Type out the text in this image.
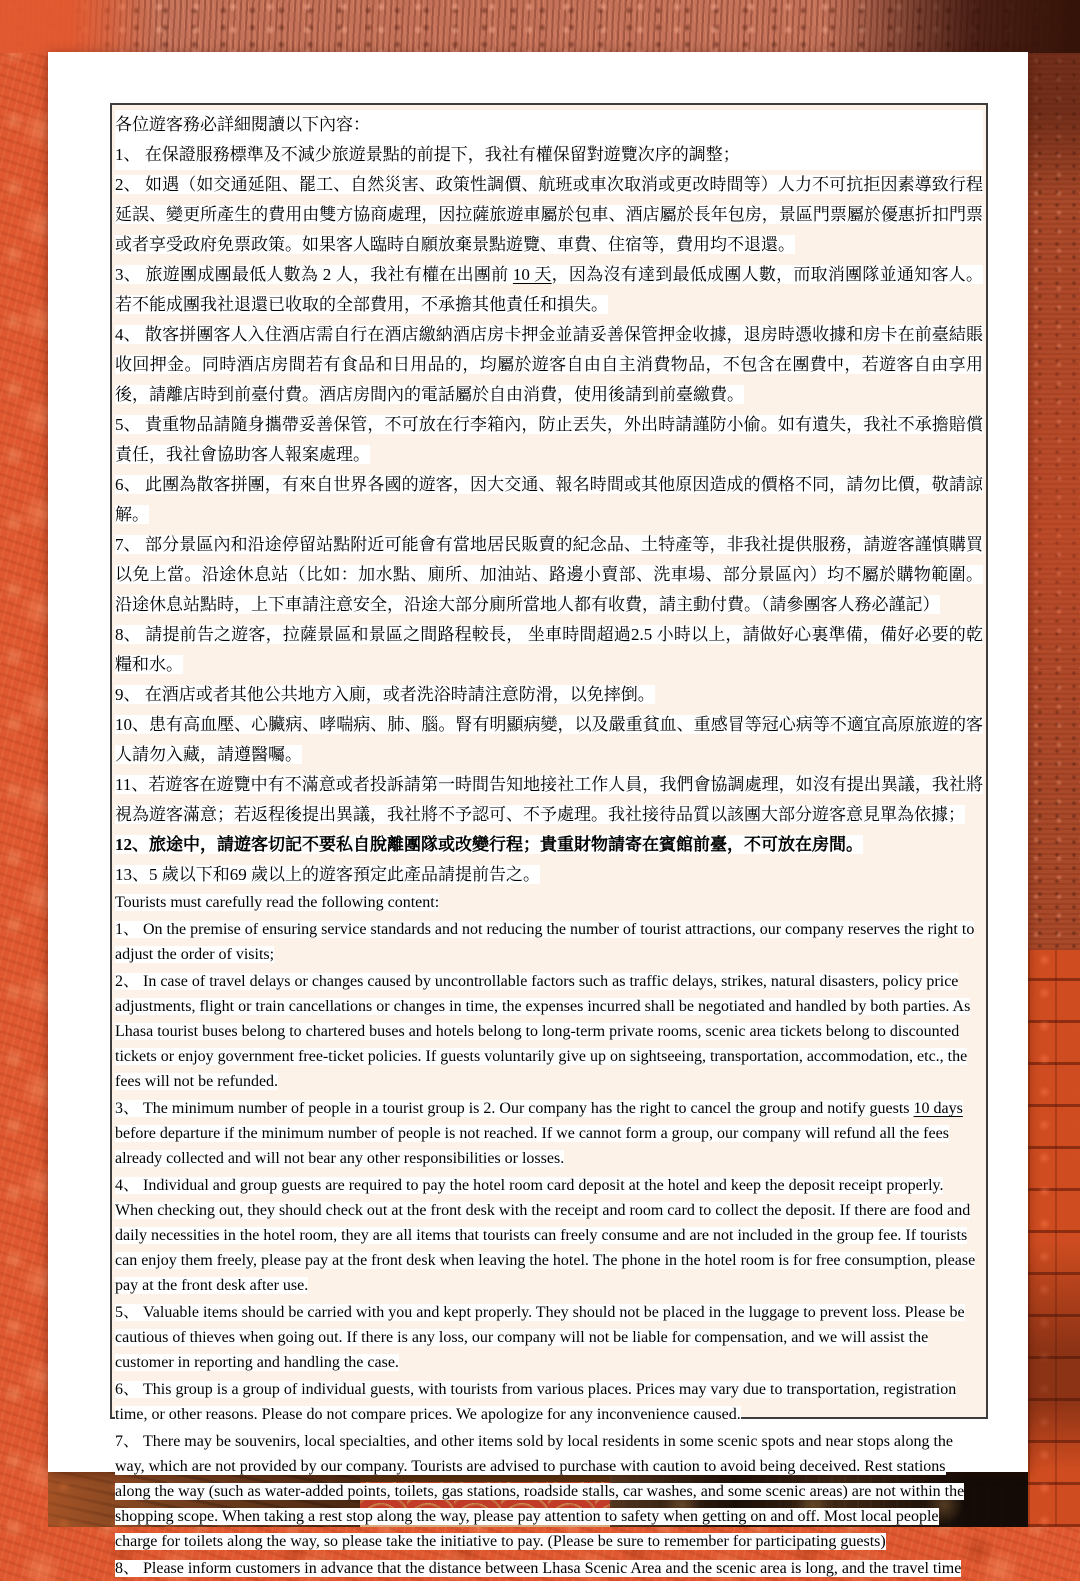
各位遊客務必詳細閱讀以下內容：

1、 在保證服務標準及不減少旅遊景點的前提下，我社有權保留對遊覽次序的調整；

2、 如遇（如交通延阻、罷工、自然災害、政策性調價、航班或車次取消或更改時間等）人力不可抗拒因素導致行程延誤、變更所產生的費用由雙方協商處理，因拉薩旅遊車屬於包車、酒店屬於長年包房，景區門票屬於優惠折扣門票或者享受政府免票政策。如果客人臨時自願放棄景點遊覽、車費、住宿等，費用均不退還。

3、 旅遊團成團最低人數為 2 人，我社有權在出團前 10 天，因為沒有達到最低成團人數，而取消團隊並通知客人。若不能成團我社退還已收取的全部費用，不承擔其他責任和損失。

4、 散客拼團客人入住酒店需自行在酒店繳納酒店房卡押金並請妥善保管押金收據，退房時憑收據和房卡在前臺結賬收回押金。同時酒店房間若有食品和日用品的，均屬於遊客自由自主消費物品，不包含在團費中，若遊客自由享用後，請離店時到前臺付費。酒店房間內的電話屬於自由消費，使用後請到前臺繳費。

5、 貴重物品請隨身攜帶妥善保管，不可放在行李箱內，防止丟失，外出時請謹防小偷。如有遺失，我社不承擔賠償責任，我社會協助客人報案處理。

6、 此團為散客拼團，有來自世界各國的遊客，因大交通、報名時間或其他原因造成的價格不同，請勿比價，敬請諒解。

7、 部分景區內和沿途停留站點附近可能會有當地居民販賣的紀念品、土特產等，非我社提供服務，請遊客謹慎購買以免上當。沿途休息站（比如：加水點、廁所、加油站、路邊小賣部、洗車場、部分景區內）均不屬於購物範圍。 沿途休息站點時，上下車請注意安全，沿途大部分廁所當地人都有收費，請主動付費。（請參團客人務必謹記）

8、 請提前告之遊客，拉薩景區和景區之間路程較長， 坐車時間超過2.5 小時以上，請做好心裏準備，備好必要的乾糧和水。

9、 在酒店或者其他公共地方入廁，或者洗浴時請注意防滑，以免摔倒。

10、患有高血壓、心臟病、哮喘病、肺、腦。腎有明顯病變，以及嚴重貧血、重感冒等冠心病等不適宜高原旅遊的客人請勿入藏，請遵醫囑。

11、若遊客在遊覽中有不滿意或者投訴請第一時間告知地接社工作人員，我們會協調處理，如沒有提出異議，我社將視為遊客滿意；若返程後提出異議，我社將不予認可、不予處理。我社接待品質以該團大部分遊客意見單為依據；

12、旅途中，請遊客切記不要私自脫離團隊或改變行程；貴重財物請寄在賓館前臺，不可放在房間。

13、5 歲以下和69 歲以上的遊客預定此產品請提前告之。

Tourists must carefully read the following content:

1、 On the premise of ensuring service standards and not reducing the number of tourist attractions, our company reserves the right to adjust the order of visits;

2、 In case of travel delays or changes caused by uncontrollable factors such as traffic delays, strikes, natural disasters, policy price adjustments, flight or train cancellations or changes in time, the expenses incurred shall be negotiated and handled by both parties. As Lhasa tourist buses belong to chartered buses and hotels belong to long-term private rooms, scenic area tickets belong to discounted tickets or enjoy government free-ticket policies. If guests voluntarily give up on sightseeing, transportation, accommodation, etc., the fees will not be refunded.

3、 The minimum number of people in a tourist group is 2. Our company has the right to cancel the group and notify guests 10 days before departure if the minimum number of people is not reached. If we cannot form a group, our company will refund all the fees already collected and will not bear any other responsibilities or losses.

4、 Individual and group guests are required to pay the hotel room card deposit at the hotel and keep the deposit receipt properly. When checking out, they should check out at the front desk with the receipt and room card to collect the deposit. If there are food and daily necessities in the hotel room, they are all items that tourists can freely consume and are not included in the group fee. If tourists can enjoy them freely, please pay at the front desk when leaving the hotel. The phone in the hotel room is for free consumption, please pay at the front desk after use.

5、 Valuable items should be carried with you and kept properly. They should not be placed in the luggage to prevent loss. Please be cautious of thieves when going out. If there is any loss, our company will not be liable for compensation, and we will assist the customer in reporting and handling the case.

6、 This group is a group of individual guests, with tourists from various places. Prices may vary due to transportation, registration time, or other reasons. Please do not compare prices. We apologize for any inconvenience caused.

7、 There may be souvenirs, local specialties, and other items sold by local residents in some scenic spots and near stops along the way, which are not provided by our company. Tourists are advised to purchase with caution to avoid being deceived. Rest stations along the way (such as water-added points, toilets, gas stations, roadside stalls, car washes, and some scenic areas) are not within the shopping scope. When taking a rest stop along the way, please pay attention to safety when getting on and off. Most local people charge for toilets along the way, so please take the initiative to pay. (Please be sure to remember for participating guests)

8、 Please inform customers in advance that the distance between Lhasa Scenic Area and the scenic area is long, and the travel time
